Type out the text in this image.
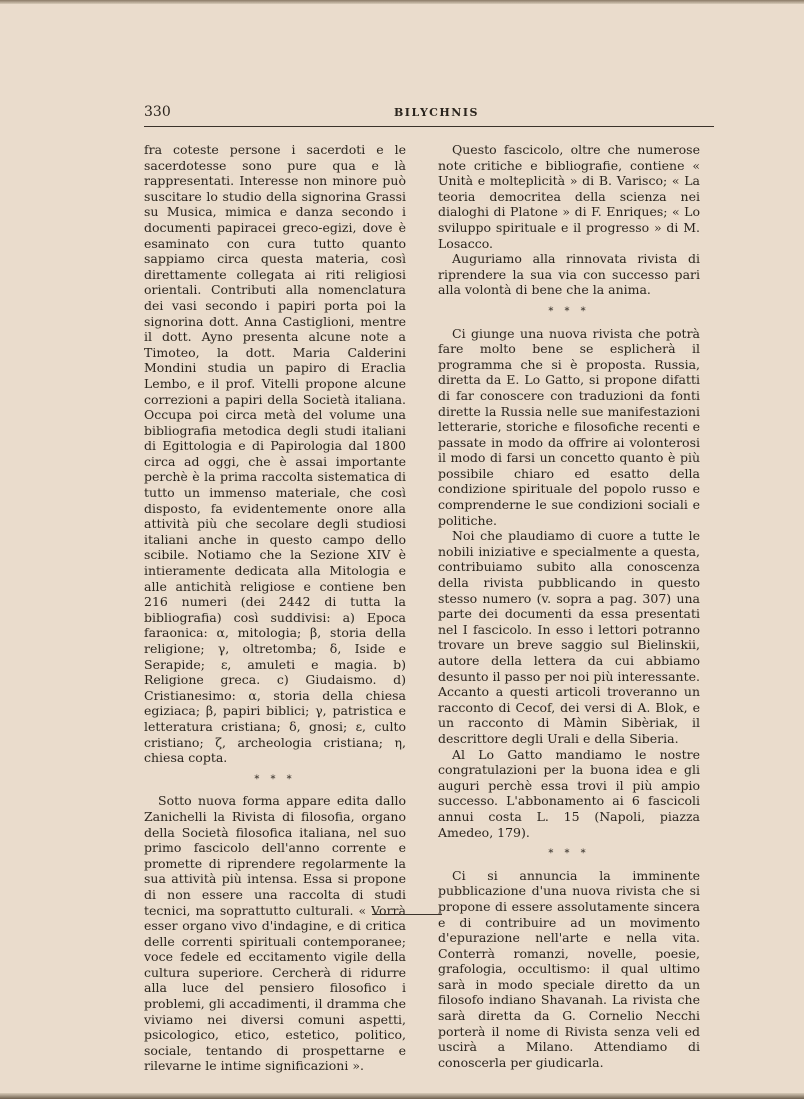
330	BILYCHNIS

fra coteste persone i sacerdoti e le sacerdotesse sono pure qua e là rappresentati. Interesse non minore può suscitare lo studio della signorina Grassi su Musica, mimica e danza secondo i documenti papiracei greco-egizi, dove è esaminato con cura tutto quanto sappiamo circa questa materia, così direttamente collegata ai riti religiosi orientali. Contributi alla nomenclatura dei vasi secondo i papiri porta poi la signorina dott. Anna Castiglioni, mentre il dott. Ayno presenta alcune note a Timoteo, la dott. Maria Calderini Mondini studia un papiro di Eraclia Lembo, e il prof. Vitelli propone alcune correzioni a papiri della Società italiana. Occupa poi circa metà del volume una bibliografia metodica degli studi italiani di Egittologia e di Papirologia dal 1800 circa ad oggi, che è assai importante perchè è la prima raccolta sistematica di tutto un immenso materiale, che così disposto, fa evidentemente onore alla attività più che secolare degli studiosi italiani anche in questo campo dello scibile. Notiamo che la Sezione XIV è intieramente dedicata alla Mitologia e alle antichità religiose e contiene ben 216 numeri (dei 2442 di tutta la bibliografia) così suddivisi: a) Epoca faraonica: α, mitologia; β, storia della religione; γ, oltretomba; δ, Iside e Serapide; ε, amuleti e magia. b) Religione greca. c) Giudaismo. d) Cristianesimo: α, storia della chiesa egiziaca; β, papiri biblici; γ, patristica e letteratura cristiana; δ, gnosi; ε, culto cristiano; ζ, archeologia cristiana; η, chiesa copta.

* * *

Sotto nuova forma appare edita dallo Zanichelli la Rivista di filosofia, organo della Società filosofica italiana, nel suo primo fascicolo dell'anno corrente e promette di riprendere regolarmente la sua attività più intensa. Essa si propone di non essere una raccolta di studi tecnici, ma soprattutto culturali. « Vorrà esser organo vivo d'indagine, e di critica delle correnti spirituali contemporanee; voce fedele ed eccitamento vigile della cultura superiore. Cercherà di ridurre alla luce del pensiero filosofico i problemi, gli accadimenti, il dramma che viviamo nei diversi comuni aspetti, psicologico, etico, estetico, politico, sociale, tentando di prospettarne e rilevarne le intime significazioni ».

Questo fascicolo, oltre che numerose note critiche e bibliografie, contiene « Unità e molteplicità » di B. Varisco; « La teoria democritea della scienza nei dialoghi di Platone » di F. Enriques; « Lo sviluppo spirituale e il progresso » di M. Losacco.

Auguriamo alla rinnovata rivista di riprendere la sua via con successo pari alla volontà di bene che la anima.

* * *

Ci giunge una nuova rivista che potrà fare molto bene se esplicherà il programma che si è proposta. Russia, diretta da E. Lo Gatto, si propone difatti di far conoscere con traduzioni da fonti dirette la Russia nelle sue manifestazioni letterarie, storiche e filosofiche recenti e passate in modo da offrire ai volonterosi il modo di farsi un concetto quanto è più possibile chiaro ed esatto della condizione spirituale del popolo russo e comprenderne le sue condizioni sociali e politiche.

Noi che plaudiamo di cuore a tutte le nobili iniziative e specialmente a questa, contribuiamo subito alla conoscenza della rivista pubblicando in questo stesso numero (v. sopra a pag. 307) una parte dei documenti da essa presentati nel I fascicolo. In esso i lettori potranno trovare un breve saggio sul Bielinskii, autore della lettera da cui abbiamo desunto il passo per noi più interessante. Accanto a questi articoli troveranno un racconto di Cecof, dei versi di A. Blok, e un racconto di Màmin Sibèriak, il descrittore degli Urali e della Siberia.

Al Lo Gatto mandiamo le nostre congratulazioni per la buona idea e gli auguri perchè essa trovi il più ampio successo. L'abbonamento ai 6 fascicoli annui costa L. 15 (Napoli, piazza Amedeo, 179).

* * *

Ci si annuncia la imminente pubblicazione d'una nuova rivista che si propone di essere assolutamente sincera e di contribuire ad un movimento d'epurazione nell'arte e nella vita. Conterrà romanzi, novelle, poesie, grafologia, occultismo: il qual ultimo sarà in modo speciale diretto da un filosofo indiano Shavanah. La rivista che sarà diretta da G. Cornelio Necchi porterà il nome di Rivista senza veli ed uscirà a Milano. Attendiamo di conoscerla per giudicarla.
